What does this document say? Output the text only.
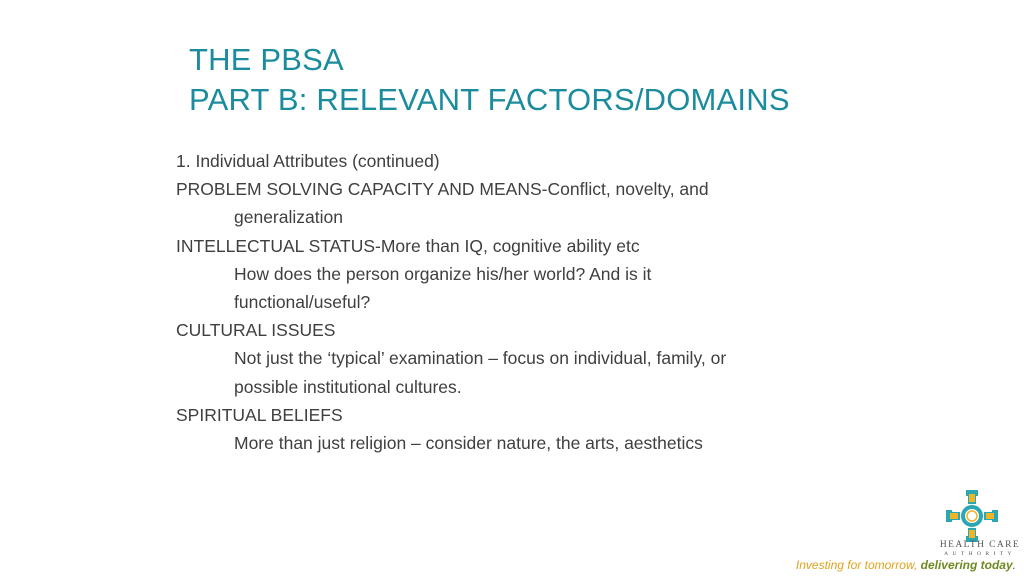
THE PBSA
PART B: RELEVANT FACTORS/DOMAINS
1. Individual Attributes (continued)
PROBLEM SOLVING CAPACITY AND MEANS-Conflict, novelty, and
generalization
INTELLECTUAL STATUS-More than IQ, cognitive ability etc
How does the person organize his/her world? And is it
functional/useful?
CULTURAL ISSUES
Not just the ‘typical’ examination – focus on individual, family, or
possible institutional cultures.
SPIRITUAL BELIEFS
More than just religion – consider nature, the arts, aesthetics
HEALTH CARE
AUTHORITY
Investing for tomorrow, delivering today.
